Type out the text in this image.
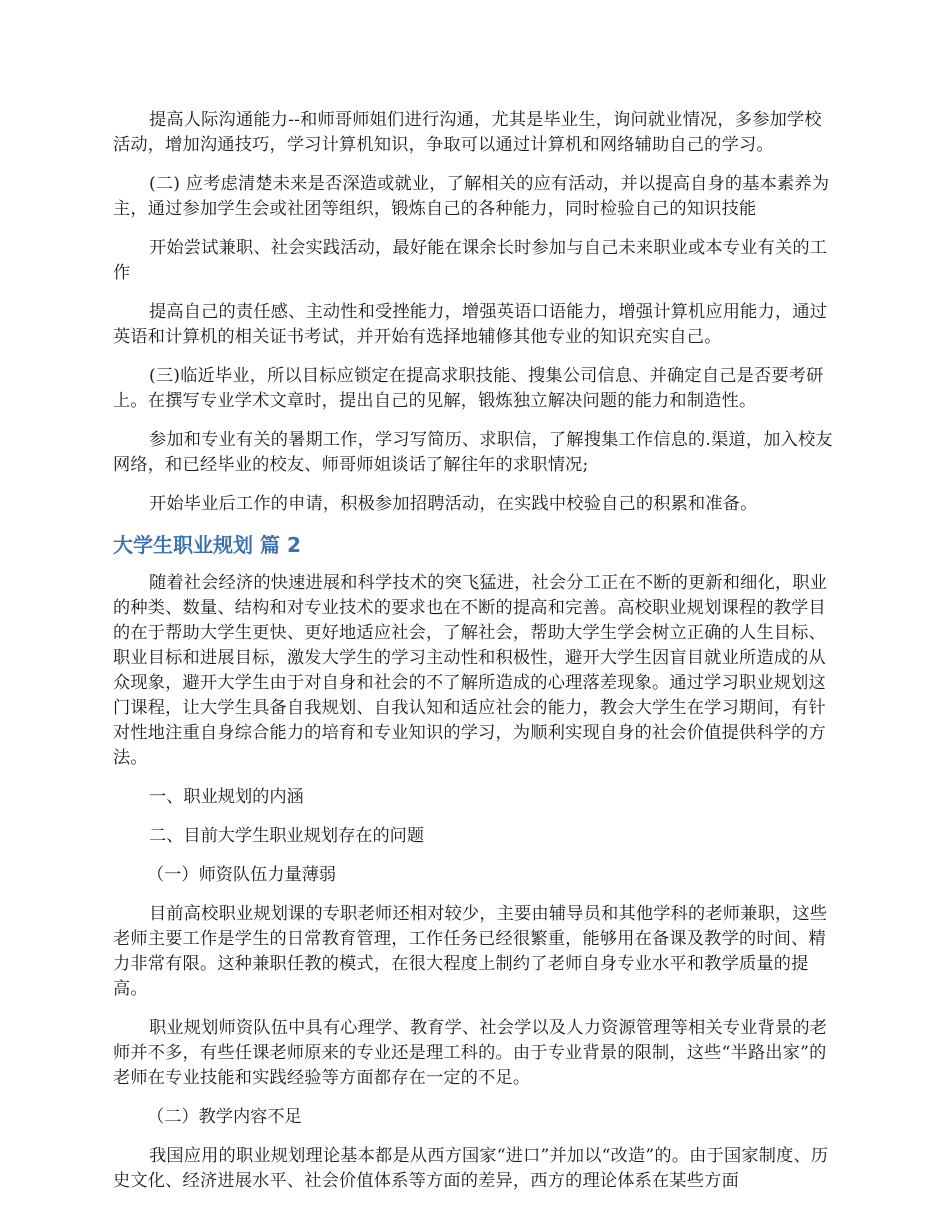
提高人际沟通能力--和师哥师姐们进行沟通，尤其是毕业生，询问就业情况，多参加学校活动，增加沟通技巧，学习计算机知识，争取可以通过计算机和网络辅助自己的学习。

(二) 应考虑清楚未来是否深造或就业，了解相关的应有活动，并以提高自身的基本素养为主，通过参加学生会或社团等组织，锻炼自己的各种能力，同时检验自己的知识技能

开始尝试兼职、社会实践活动，最好能在课余长时参加与自己未来职业或本专业有关的工作

提高自己的责任感、主动性和受挫能力，增强英语口语能力，增强计算机应用能力，通过英语和计算机的相关证书考试，并开始有选择地辅修其他专业的知识充实自己。

(三)临近毕业，所以目标应锁定在提高求职技能、搜集公司信息、并确定自己是否要考研上。在撰写专业学术文章时，提出自己的见解，锻炼独立解决问题的能力和制造性。

参加和专业有关的暑期工作，学习写简历、求职信，了解搜集工作信息的.渠道，加入校友网络，和已经毕业的校友、师哥师姐谈话了解往年的求职情况;

开始毕业后工作的申请，积极参加招聘活动，在实践中校验自己的积累和准备。

大学生职业规划 篇 2

随着社会经济的快速进展和科学技术的突飞猛进，社会分工正在不断的更新和细化，职业的种类、数量、结构和对专业技术的要求也在不断的提高和完善。高校职业规划课程的教学目的在于帮助大学生更快、更好地适应社会，了解社会，帮助大学生学会树立正确的人生目标、职业目标和进展目标，激发大学生的学习主动性和积极性，避开大学生因盲目就业所造成的从众现象，避开大学生由于对自身和社会的不了解所造成的心理落差现象。通过学习职业规划这门课程，让大学生具备自我规划、自我认知和适应社会的能力，教会大学生在学习期间，有针对性地注重自身综合能力的培育和专业知识的学习，为顺利实现自身的社会价值提供科学的方法。

一、职业规划的内涵

二、目前大学生职业规划存在的问题

（一）师资队伍力量薄弱

目前高校职业规划课的专职老师还相对较少，主要由辅导员和其他学科的老师兼职，这些老师主要工作是学生的日常教育管理，工作任务已经很繁重，能够用在备课及教学的时间、精力非常有限。这种兼职任教的模式，在很大程度上制约了老师自身专业水平和教学质量的提高。

职业规划师资队伍中具有心理学、教育学、社会学以及人力资源管理等相关专业背景的老师并不多，有些任课老师原来的专业还是理工科的。由于专业背景的限制，这些“半路出家”的老师在专业技能和实践经验等方面都存在一定的不足。

（二）教学内容不足

我国应用的职业规划理论基本都是从西方国家“进口”并加以“改造”的。由于国家制度、历史文化、经济进展水平、社会价值体系等方面的差异，西方的理论体系在某些方面
